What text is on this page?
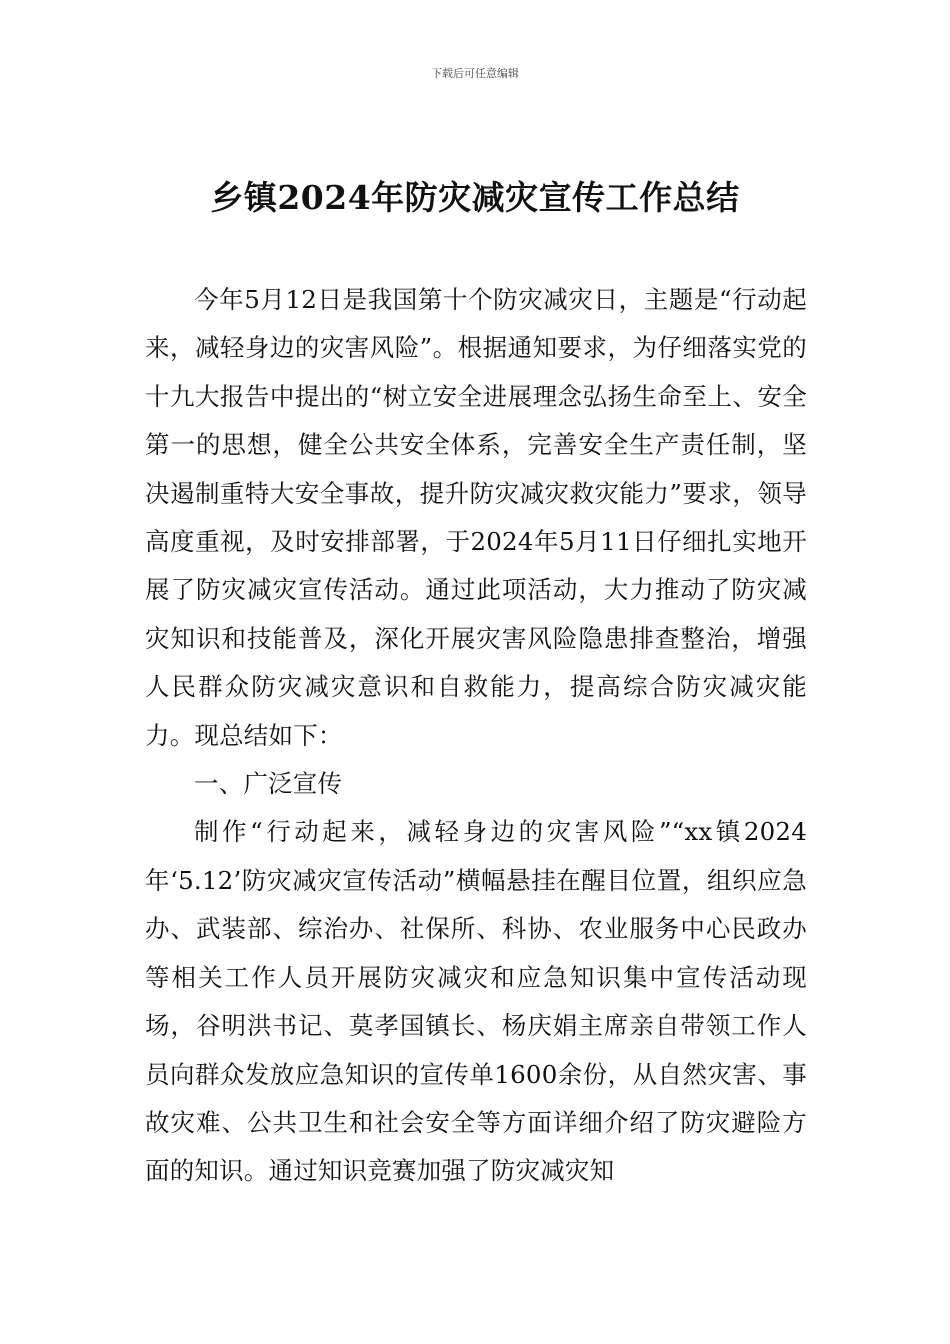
下载后可任意编辑
乡镇2024年防灾减灾宣传工作总结

今年5月12日是我国第十个防灾减灾日，主题是“行动起来，减轻身边的灾害风险”。根据通知要求，为仔细落实党的十九大报告中提出的“树立安全进展理念弘扬生命至上、安全第一的思想，健全公共安全体系，完善安全生产责任制，坚决遏制重特大安全事故，提升防灾减灾救灾能力”要求，领导高度重视，及时安排部署，于2024年5月11日仔细扎实地开展了防灾减灾宣传活动。通过此项活动，大力推动了防灾减灾知识和技能普及，深化开展灾害风险隐患排查整治，增强人民群众防灾减灾意识和自救能力，提高综合防灾减灾能力。现总结如下：

一、广泛宣传

制作“行动起来，减轻身边的灾害风险”“xx镇2024年‘5.12’防灾减灾宣传活动”横幅悬挂在醒目位置，组织应急办、武装部、综治办、社保所、科协、农业服务中心民政办等相关工作人员开展防灾减灾和应急知识集中宣传活动现场，谷明洪书记、莫孝国镇长、杨庆娟主席亲自带领工作人员向群众发放应急知识的宣传单1600余份，从自然灾害、事故灾难、公共卫生和社会安全等方面详细介绍了防灾避险方面的知识。通过知识竞赛加强了防灾减灾知
